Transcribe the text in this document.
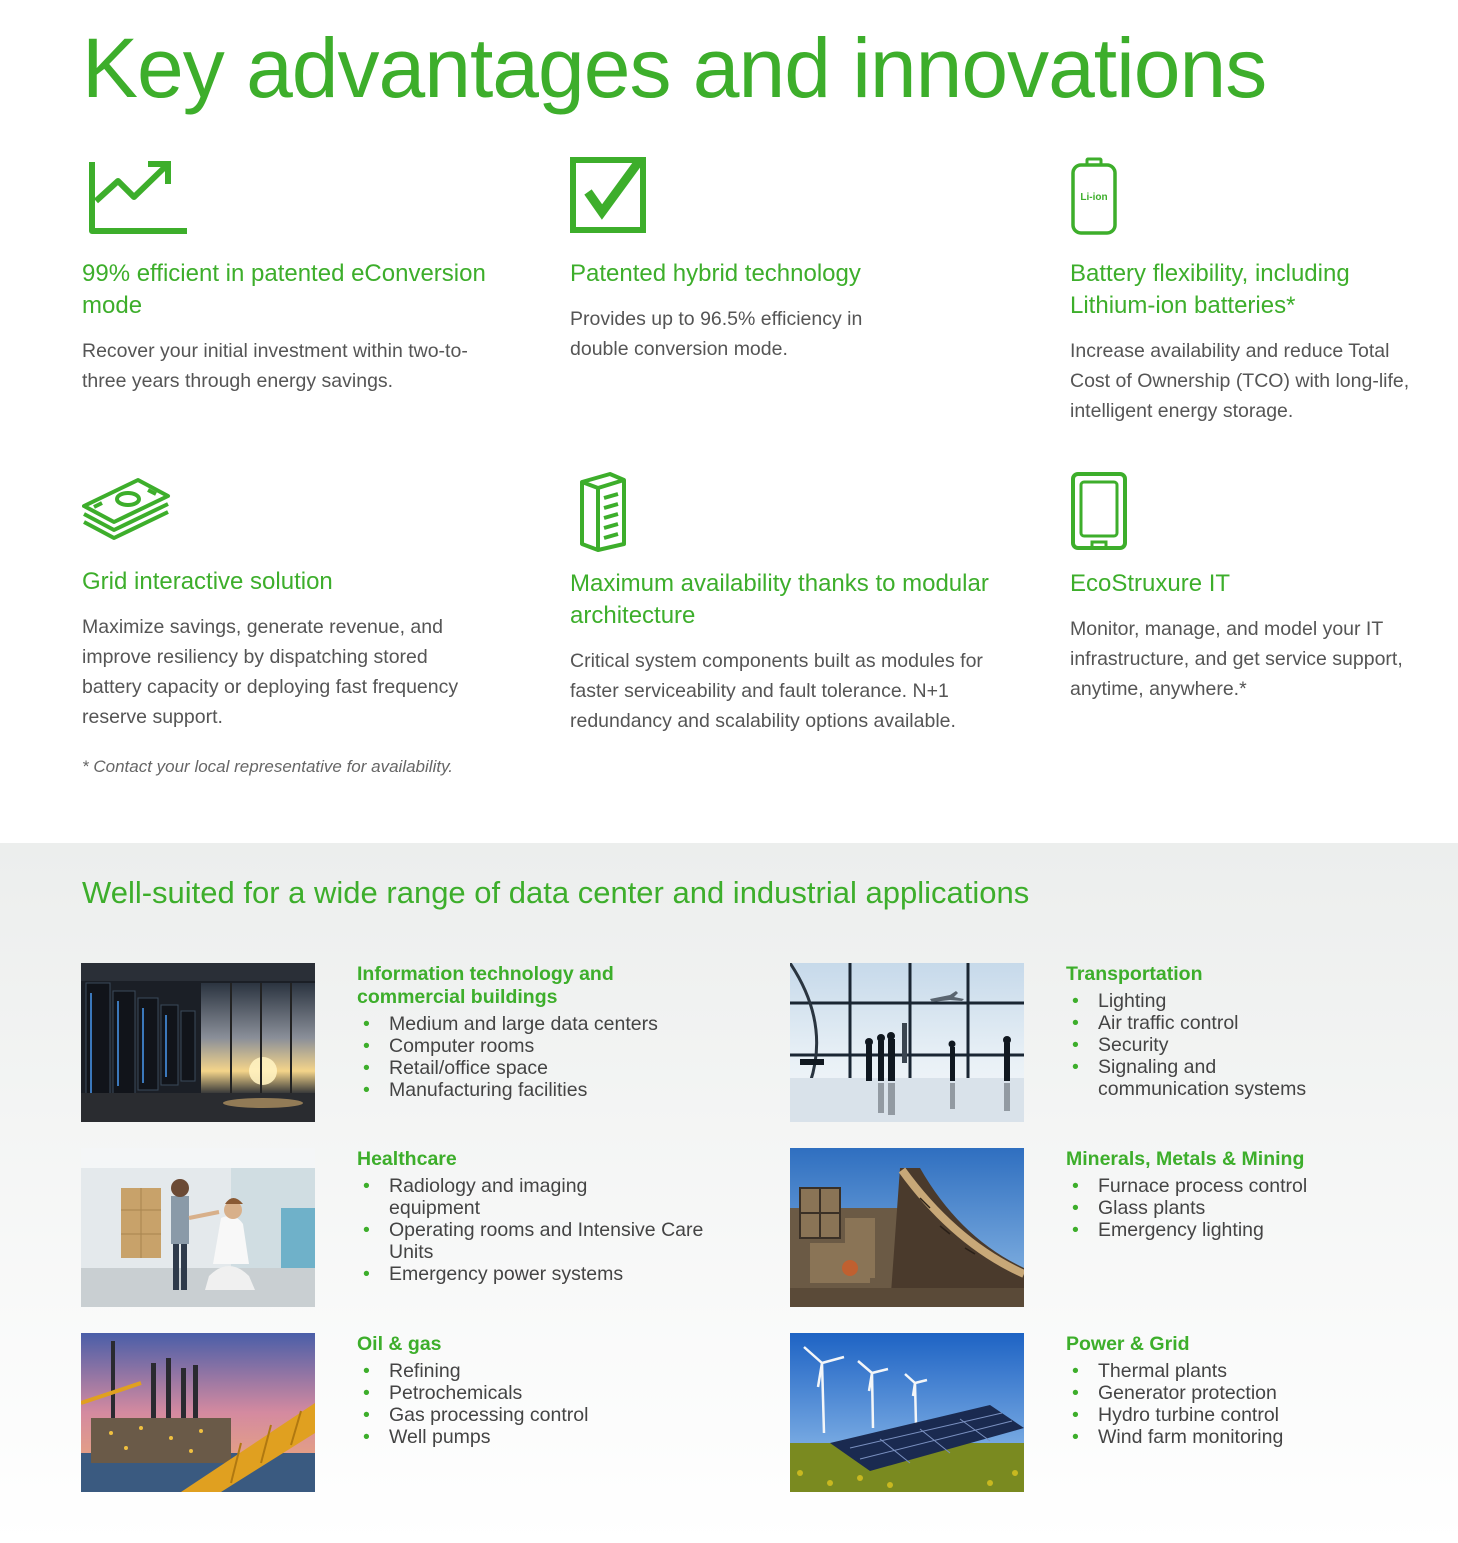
Key advantages and innovations
99% efficient in patented eConversion mode

Recover your initial investment within two-to-three years through energy savings.

Patented hybrid technology

Provides up to 96.5% efficiency in double conversion mode.

Li-ion
Battery flexibility, including Lithium-ion batteries*

Increase availability and reduce Total Cost of Ownership (TCO) with long-life, intelligent energy storage.

Grid interactive solution

Maximize savings, generate revenue, and improve resiliency by dispatching stored battery capacity or deploying fast frequency reserve support.

Maximum availability thanks to modular architecture

Critical system components built as modules for faster serviceability and fault tolerance. N+1 redundancy and scalability options available.

EcoStruxure IT

Monitor, manage, and model your IT infrastructure, and get service support, anytime, anywhere.*

* Contact your local representative for availability.
Well-suited for a wide range of data center and industrial applications
Information technology and commercial buildings
• Medium and large data centers
• Computer rooms
• Retail/office space
• Manufacturing facilities
Transportation
• Lighting
• Air traffic control
• Security
• Signaling and communication systems
Healthcare
• Radiology and imaging equipment
• Operating rooms and Intensive Care Units
• Emergency power systems
Minerals, Metals & Mining
• Furnace process control
• Glass plants
• Emergency lighting
Oil & gas
• Refining
• Petrochemicals
• Gas processing control
• Well pumps
Power & Grid
• Thermal plants
• Generator protection
• Hydro turbine control
• Wind farm monitoring
